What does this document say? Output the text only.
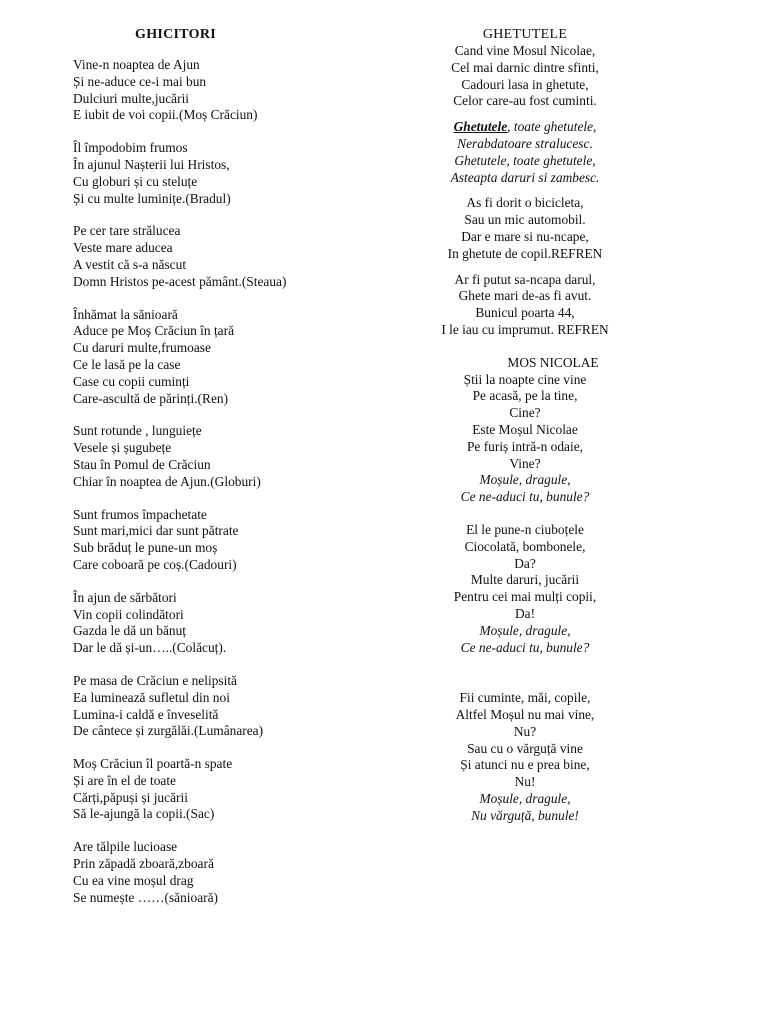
GHICITORI
Vine-n noaptea de Ajun
Și ne-aduce ce-i mai bun
Dulciuri multe,jucării
E iubit de voi copii.(Moș Crăciun)
Îl împodobim frumos
În ajunul Nașterii lui Hristos,
Cu globuri și cu steluțe
Și cu multe luminițe.(Bradul)
Pe cer tare strălucea
Veste mare aducea
A vestit că s-a născut
Domn Hristos pe-acest pământ.(Steaua)
Înhămat la sănioară
Aduce pe Moș Crăciun în țară
Cu daruri multe,frumoase
Ce le lasă pe la case
Case cu copii cuminți
Care-ascultă de părinți.(Ren)
Sunt rotunde , lunguiețe
Vesele și șugubețe
Stau în Pomul de Crăciun
Chiar în noaptea de Ajun.(Globuri)
Sunt frumos împachetate
Sunt mari,mici dar sunt pătrate
Sub brăduț le pune-un moș
Care coboară pe coș.(Cadouri)
În ajun de sărbători
Vin copii colindători
Gazda le dă un bănuț
Dar le dă și-un…..(Colăcuț).
Pe masa de Crăciun e nelipsită
Ea luminează sufletul din noi
Lumina-i caldă e înveselită
De cântece și zurgălăi.(Lumânarea)
Moș Crăciun îl poartă-n spate
Și are în el de toate
Cărți,păpuși și jucării
Să le-ajungă la copii.(Sac)
Are tălpile lucioase
Prin zăpadă zboară,zboară
Cu ea vine moșul drag
Se numește ……(sănioară)
GHETUTELE
Cand vine Mosul Nicolae,
Cel mai darnic dintre sfinti,
Cadouri lasa in ghetute,
Celor care-au fost cuminti.
Ghetutele, toate ghetutele,
Nerabdatoare stralucesc.
Ghetutele, toate ghetutele,
Asteapta daruri si zambesc.
As fi dorit o bicicleta,
Sau un mic automobil.
Dar e mare si nu-ncape,
In ghetute de copil.REFREN
Ar fi putut sa-ncapa darul,
Ghete mari de-as fi avut.
Bunicul poarta 44,
I le iau cu imprumut. REFREN
MOS NICOLAE
Știi la noapte cine vine
Pe acasă, pe la tine,
Cine?
Este Moșul Nicolae
Pe furiș intră-n odaie,
Vine?
Moșule, dragule,
Ce ne-aduci tu, bunule?
El le pune-n ciuboțele
Ciocolată, bombonele,
Da?
Multe daruri, jucării
Pentru cei mai mulți copii,
Da!
Moșule, dragule,
Ce ne-aduci tu, bunule?
Fii cuminte, măi, copile,
Altfel Moșul nu mai vine,
Nu?
Sau cu o vărguță vine
Și atunci nu e prea bine,
Nu!
Moșule, dragule,
Nu vărguță, bunule!
